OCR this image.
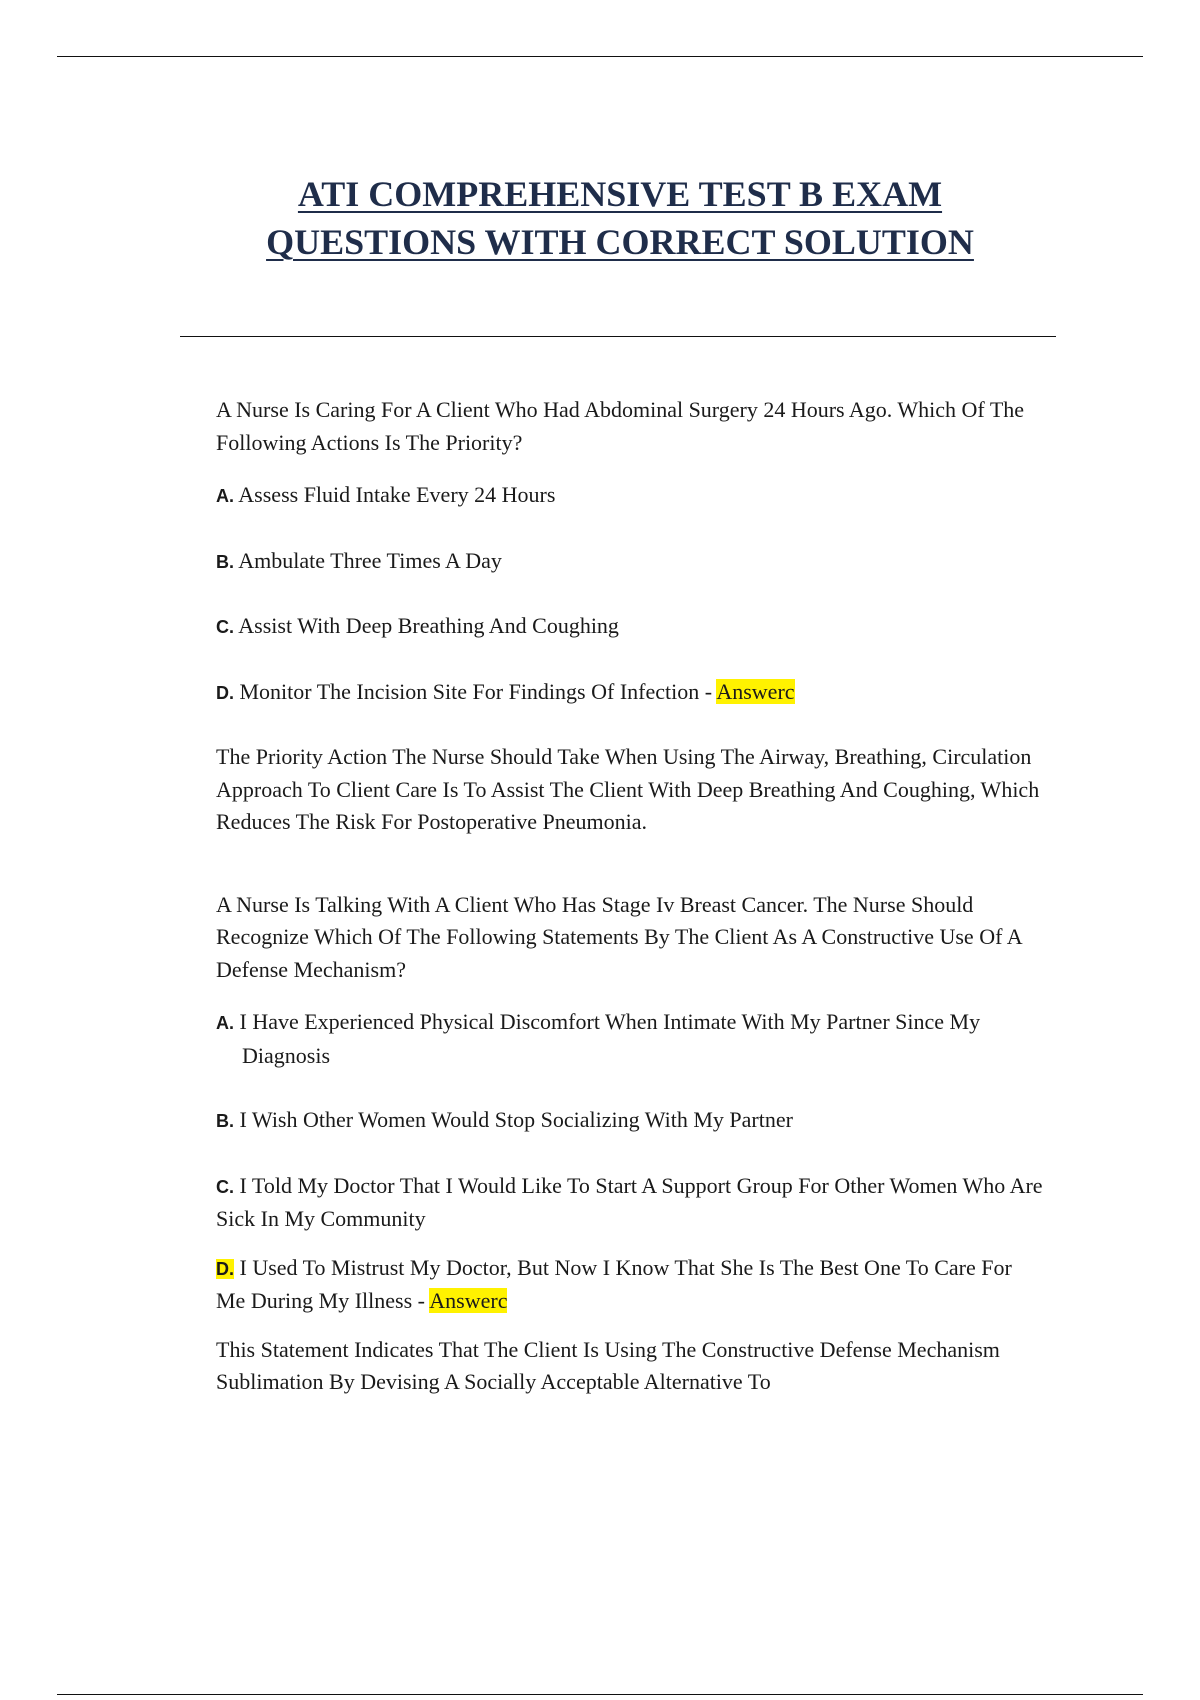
ATI COMPREHENSIVE TEST B EXAM
QUESTIONS WITH CORRECT SOLUTION

A Nurse Is Caring For A Client Who Had Abdominal Surgery 24 Hours Ago. Which Of The Following Actions Is The Priority?

A. Assess Fluid Intake Every 24 Hours

B. Ambulate Three Times A Day

C. Assist With Deep Breathing And Coughing

D. Monitor The Incision Site For Findings Of Infection - Answerc

The Priority Action The Nurse Should Take When Using The Airway, Breathing, Circulation Approach To Client Care Is To Assist The Client With Deep Breathing And Coughing, Which Reduces The Risk For Postoperative Pneumonia.

A Nurse Is Talking With A Client Who Has Stage Iv Breast Cancer. The Nurse Should Recognize Which Of The Following Statements By The Client As A Constructive Use Of A Defense Mechanism?

A. I Have Experienced Physical Discomfort When Intimate With My Partner Since My Diagnosis

B. I Wish Other Women Would Stop Socializing With My Partner

C. I Told My Doctor That I Would Like To Start A Support Group For Other Women Who Are Sick In My Community

D. I Used To Mistrust My Doctor, But Now I Know That She Is The Best One To Care For Me During My Illness - Answerc

This Statement Indicates That The Client Is Using The Constructive Defense Mechanism Sublimation By Devising A Socially Acceptable Alternative To
